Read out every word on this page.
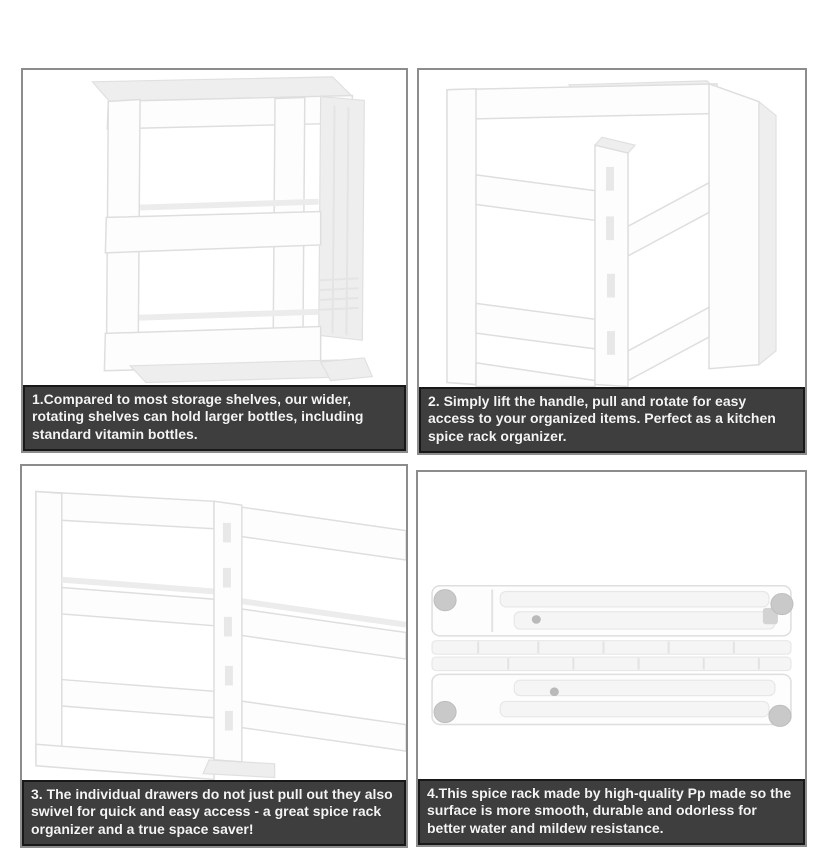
1.Compared to most storage shelves, our wider, rotating shelves can hold larger bottles, including standard vitamin bottles.
2. Simply lift the handle, pull and rotate for easy access to your organized items. Perfect as a kitchen spice rack organizer.
3. The individual drawers do not just pull out they also swivel for quick and easy access - a great spice rack organizer and a true space saver!
4.This spice rack made by high-quality Pp made so the surface is more smooth, durable and odorless for better water and mildew resistance.
